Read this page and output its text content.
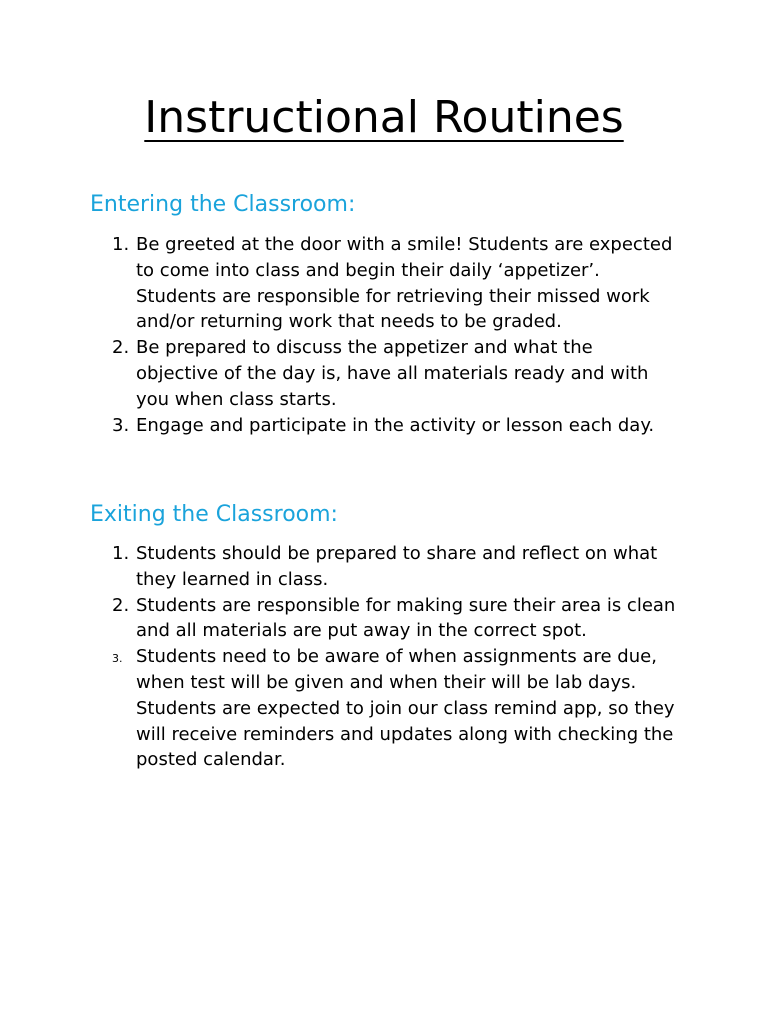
Instructional Routines
Entering the Classroom:
1. Be greeted at the door with a smile! Students are expected to come into class and begin their daily ‘appetizer’. Students are responsible for retrieving their missed work and/or returning work that needs to be graded.
2. Be prepared to discuss the appetizer and what the objective of the day is, have all materials ready and with you when class starts.
3. Engage and participate in the activity or lesson each day.
Exiting the Classroom:
1. Students should be prepared to share and reflect on what they learned in class.
2. Students are responsible for making sure their area is clean and all materials are put away in the correct spot.
3. Students need to be aware of when assignments are due, when test will be given and when their will be lab days. Students are expected to join our class remind app, so they will receive reminders and updates along with checking the posted calendar.
